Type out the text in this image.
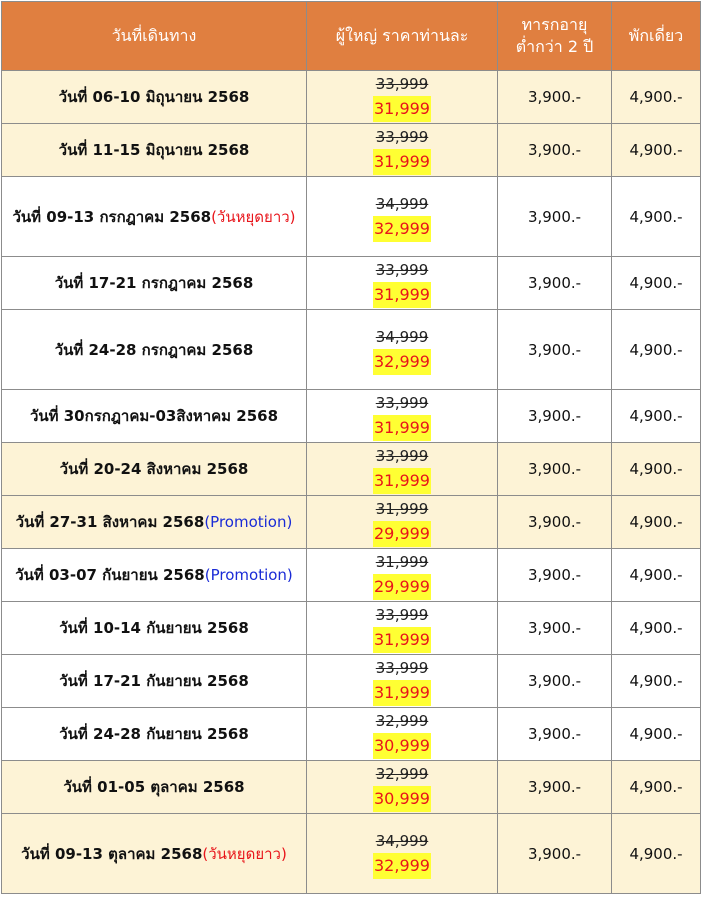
วันที่เดินทาง	ผู้ใหญ่ ราคาท่านละ	ทารกอายุ
ต่ำกว่า 2 ปี	พักเดี่ยว
วันที่ 06-10 มิถุนายน 2568	33,999
31,999	3,900.-	4,900.-
วันที่ 11-15 มิถุนายน 2568	33,999
31,999	3,900.-	4,900.-
วันที่ 09-13 กรกฎาคม 2568(วันหยุดยาว)	34,999
32,999	3,900.-	4,900.-
วันที่ 17-21 กรกฎาคม 2568	33,999
31,999	3,900.-	4,900.-
วันที่ 24-28 กรกฎาคม 2568	34,999
32,999	3,900.-	4,900.-
วันที่ 30กรกฎาคม-03สิงหาคม 2568	33,999
31,999	3,900.-	4,900.-
วันที่ 20-24 สิงหาคม 2568	33,999
31,999	3,900.-	4,900.-
วันที่ 27-31 สิงหาคม 2568(Promotion)	31,999
29,999	3,900.-	4,900.-
วันที่ 03-07 กันยายน 2568(Promotion)	31,999
29,999	3,900.-	4,900.-
วันที่ 10-14 กันยายน 2568	33,999
31,999	3,900.-	4,900.-
วันที่ 17-21 กันยายน 2568	33,999
31,999	3,900.-	4,900.-
วันที่ 24-28 กันยายน 2568	32,999
30,999	3,900.-	4,900.-
วันที่ 01-05 ตุลาคม 2568	32,999
30,999	3,900.-	4,900.-
วันที่ 09-13 ตุลาคม 2568(วันหยุดยาว)	34,999
32,999	3,900.-	4,900.-
